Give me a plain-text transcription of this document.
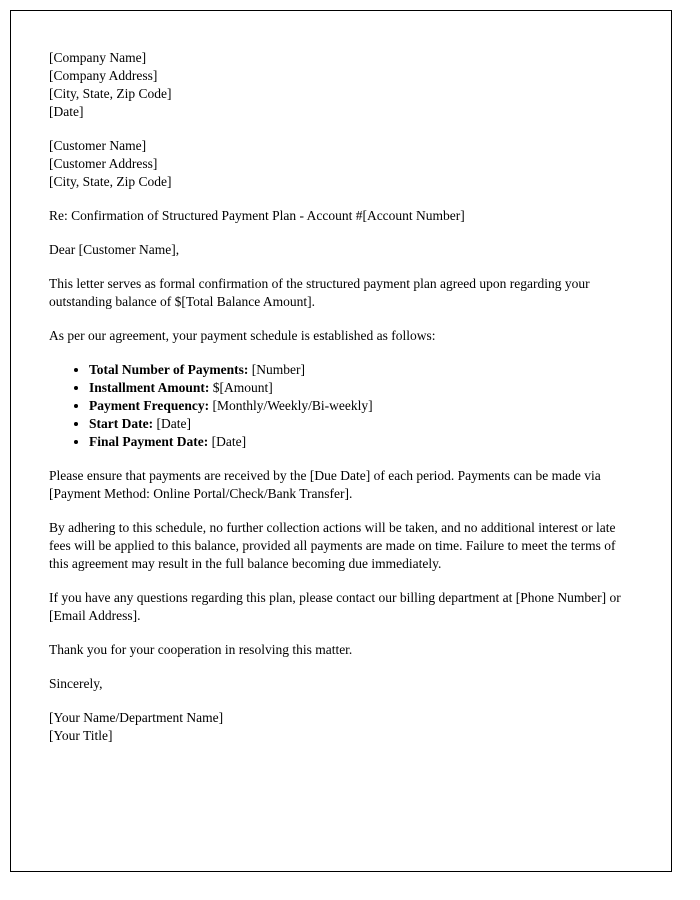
[Company Name]
[Company Address]
[City, State, Zip Code]
[Date]
[Customer Name]
[Customer Address]
[City, State, Zip Code]

Re: Confirmation of Structured Payment Plan - Account #[Account Number]

Dear [Customer Name],

This letter serves as formal confirmation of the structured payment plan agreed upon regarding your outstanding balance of $[Total Balance Amount].

As per our agreement, your payment schedule is established as follows:

• Total Number of Payments: [Number]
• Installment Amount: $[Amount]
• Payment Frequency: [Monthly/Weekly/Bi-weekly]
• Start Date: [Date]
• Final Payment Date: [Date]

Please ensure that payments are received by the [Due Date] of each period. Payments can be made via [Payment Method: Online Portal/Check/Bank Transfer].

By adhering to this schedule, no further collection actions will be taken, and no additional interest or late fees will be applied to this balance, provided all payments are made on time. Failure to meet the terms of this agreement may result in the full balance becoming due immediately.

If you have any questions regarding this plan, please contact our billing department at [Phone Number] or [Email Address].

Thank you for your cooperation in resolving this matter.

Sincerely,

[Your Name/Department Name]
[Your Title]
